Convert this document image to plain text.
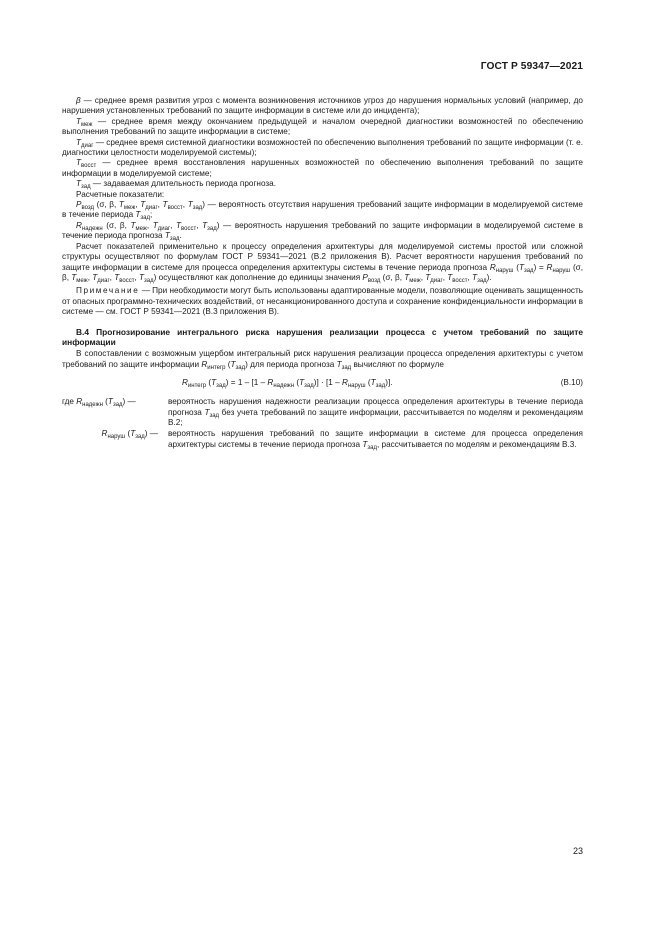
ГОСТ Р 59347—2021

β — среднее время развития угроз с момента возникновения источников угроз до нарушения нормальных условий (например, до нарушения установленных требований по защите информации в системе или до инцидента);

$T_{меж}$ — среднее время между окончанием предыдущей и началом очередной диагностики возможностей по обеспечению выполнения требований по защите информации в системе;

$T_{диаг}$ — среднее время системной диагностики возможностей по обеспечению выполнения требований по защите информации (т. е. диагностики целостности моделируемой системы);

$T_{восст}$ — среднее время восстановления нарушенных возможностей по обеспечению выполнения требований по защите информации в моделируемой системе;

$T_{зад}$ — задаваемая длительность периода прогноза.

Расчетные показатели:

$P_{возд}$ (σ, β, $T_{меж}$, $T_{диаг}$, $T_{восст}$, $T_{зад}$) — вероятность отсутствия нарушения требований защите информации в моделируемой системе в течение периода $T_{зад}$;

$R_{надежн}$ (σ, β, $T_{меж}$, $T_{диаг}$, $T_{восст}$, $T_{зад}$) — вероятность нарушения требований по защите информации в моделируемой системе в течение периода прогноза $T_{зад}$.

Расчет показателей применительно к процессу определения архитектуры для моделируемой системы простой или сложной структуры осуществляют по формулам ГОСТ Р 59341—2021 (В.2 приложения В). Расчет вероятности нарушения требований по защите информации в системе для процесса определения архитектуры системы в течение периода прогноза $R_{наруш}$ $(T_{зад}) = R_{наруш}$ (σ, β, $T_{меж}$, $T_{диаг}$, $T_{восст}$, $T_{зад}$) осуществляют как дополнение до единицы значения $P_{возд}$ (σ, β, $T_{меж}$, $T_{диаг}$, $T_{восст}$, $T_{зад}$).

Примечание — При необходимости могут быть использованы адаптированные модели, позволяющие оценивать защищенность от опасных программно-технических воздействий, от несанкционированного доступа и сохранение конфиденциальности информации в системе — см. ГОСТ Р 59341—2021 (В.3 приложения В).

В.4 Прогнозирование интегрального риска нарушения реализации процесса с учетом требований по защите информации

В сопоставлении с возможным ущербом интегральный риск нарушения реализации процесса определения архитектуры с учетом требований по защите информации $R_{интегр}$ $(T_{зад})$ для периода прогноза $T_{зад}$ вычисляют по формуле

$R_{интегр}$ $(T_{зад}) = 1 - [1 - R_{надежн}$ $(T_{зад})] \cdot [1 - R_{наруш}$ $(T_{зад})$].	(В.10)
где $R_{надежн}$ $(T_{зад})$ —	вероятность нарушения надежности реализации процесса определения архитектуры в течение периода прогноза $T_{зад}$ без учета требований по защите информации, рассчитывается по моделям и рекомендациям В.2;
$R_{наруш}$ $(T_{зад})$ —	вероятность нарушения требований по защите информации в системе для процесса определения архитектуры системы в течение периода прогноза $T_{зад}$, рассчитывается по моделям и рекомендациям В.3.
23
